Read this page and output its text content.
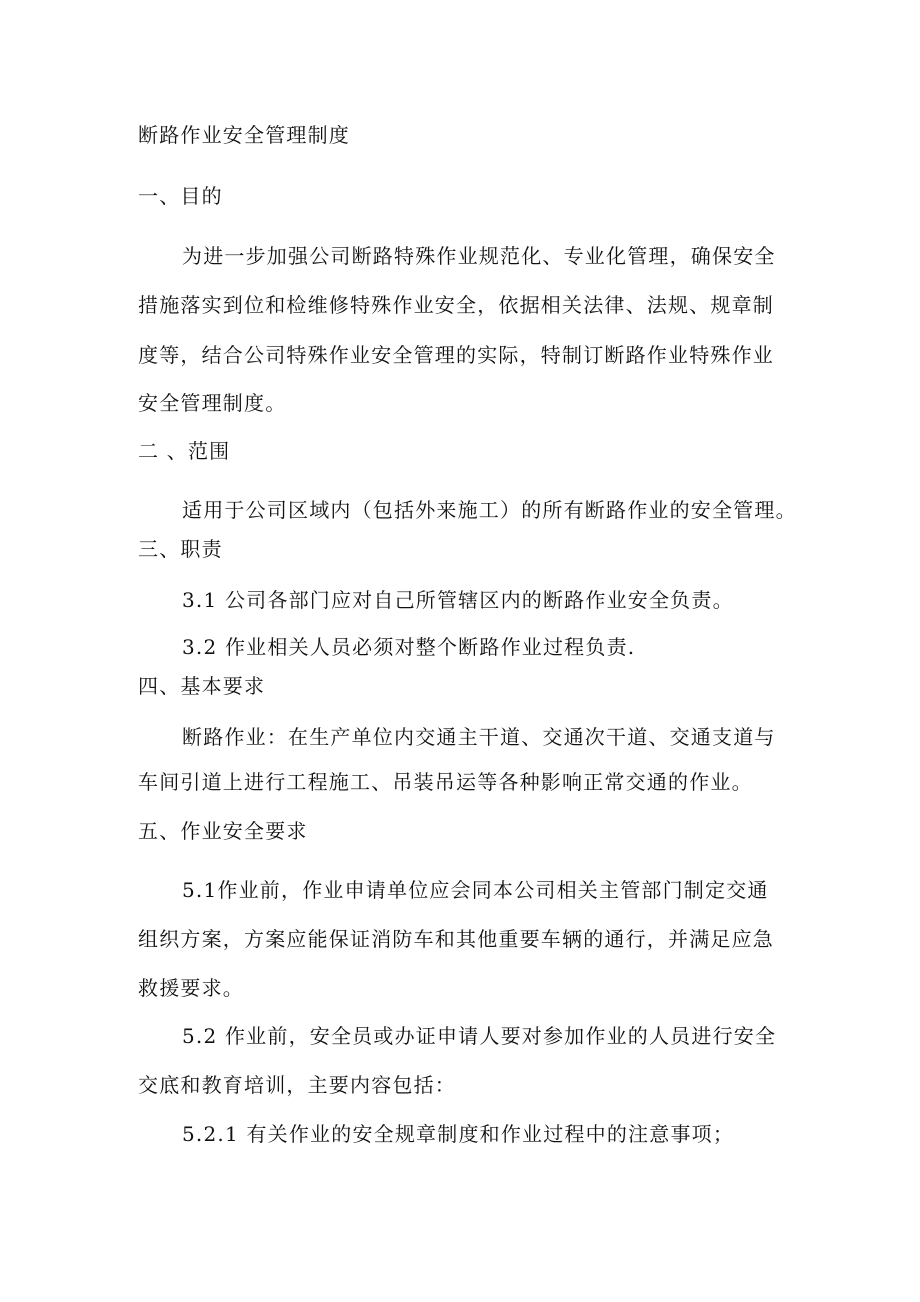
断路作业安全管理制度
一、目的
为进一步加强公司断路特殊作业规范化、专业化管理，确保安全
措施落实到位和检维修特殊作业安全，依据相关法律、法规、规章制
度等，结合公司特殊作业安全管理的实际，特制订断路作业特殊作业
安全管理制度。
二 、范围
适用于公司区域内（包括外来施工）的所有断路作业的安全管理。
三、职责
3.1 公司各部门应对自己所管辖区内的断路作业安全负责。
3.2 作业相关人员必须对整个断路作业过程负责.
四、基本要求
断路作业：在生产单位内交通主干道、交通次干道、交通支道与
车间引道上进行工程施工、吊装吊运等各种影响正常交通的作业。
五、作业安全要求
5.1作业前，作业申请单位应会同本公司相关主管部门制定交通
组织方案，方案应能保证消防车和其他重要车辆的通行，并满足应急
救援要求。
5.2 作业前，安全员或办证申请人要对参加作业的人员进行安全
交底和教育培训，主要内容包括：
5.2.1 有关作业的安全规章制度和作业过程中的注意事项；
